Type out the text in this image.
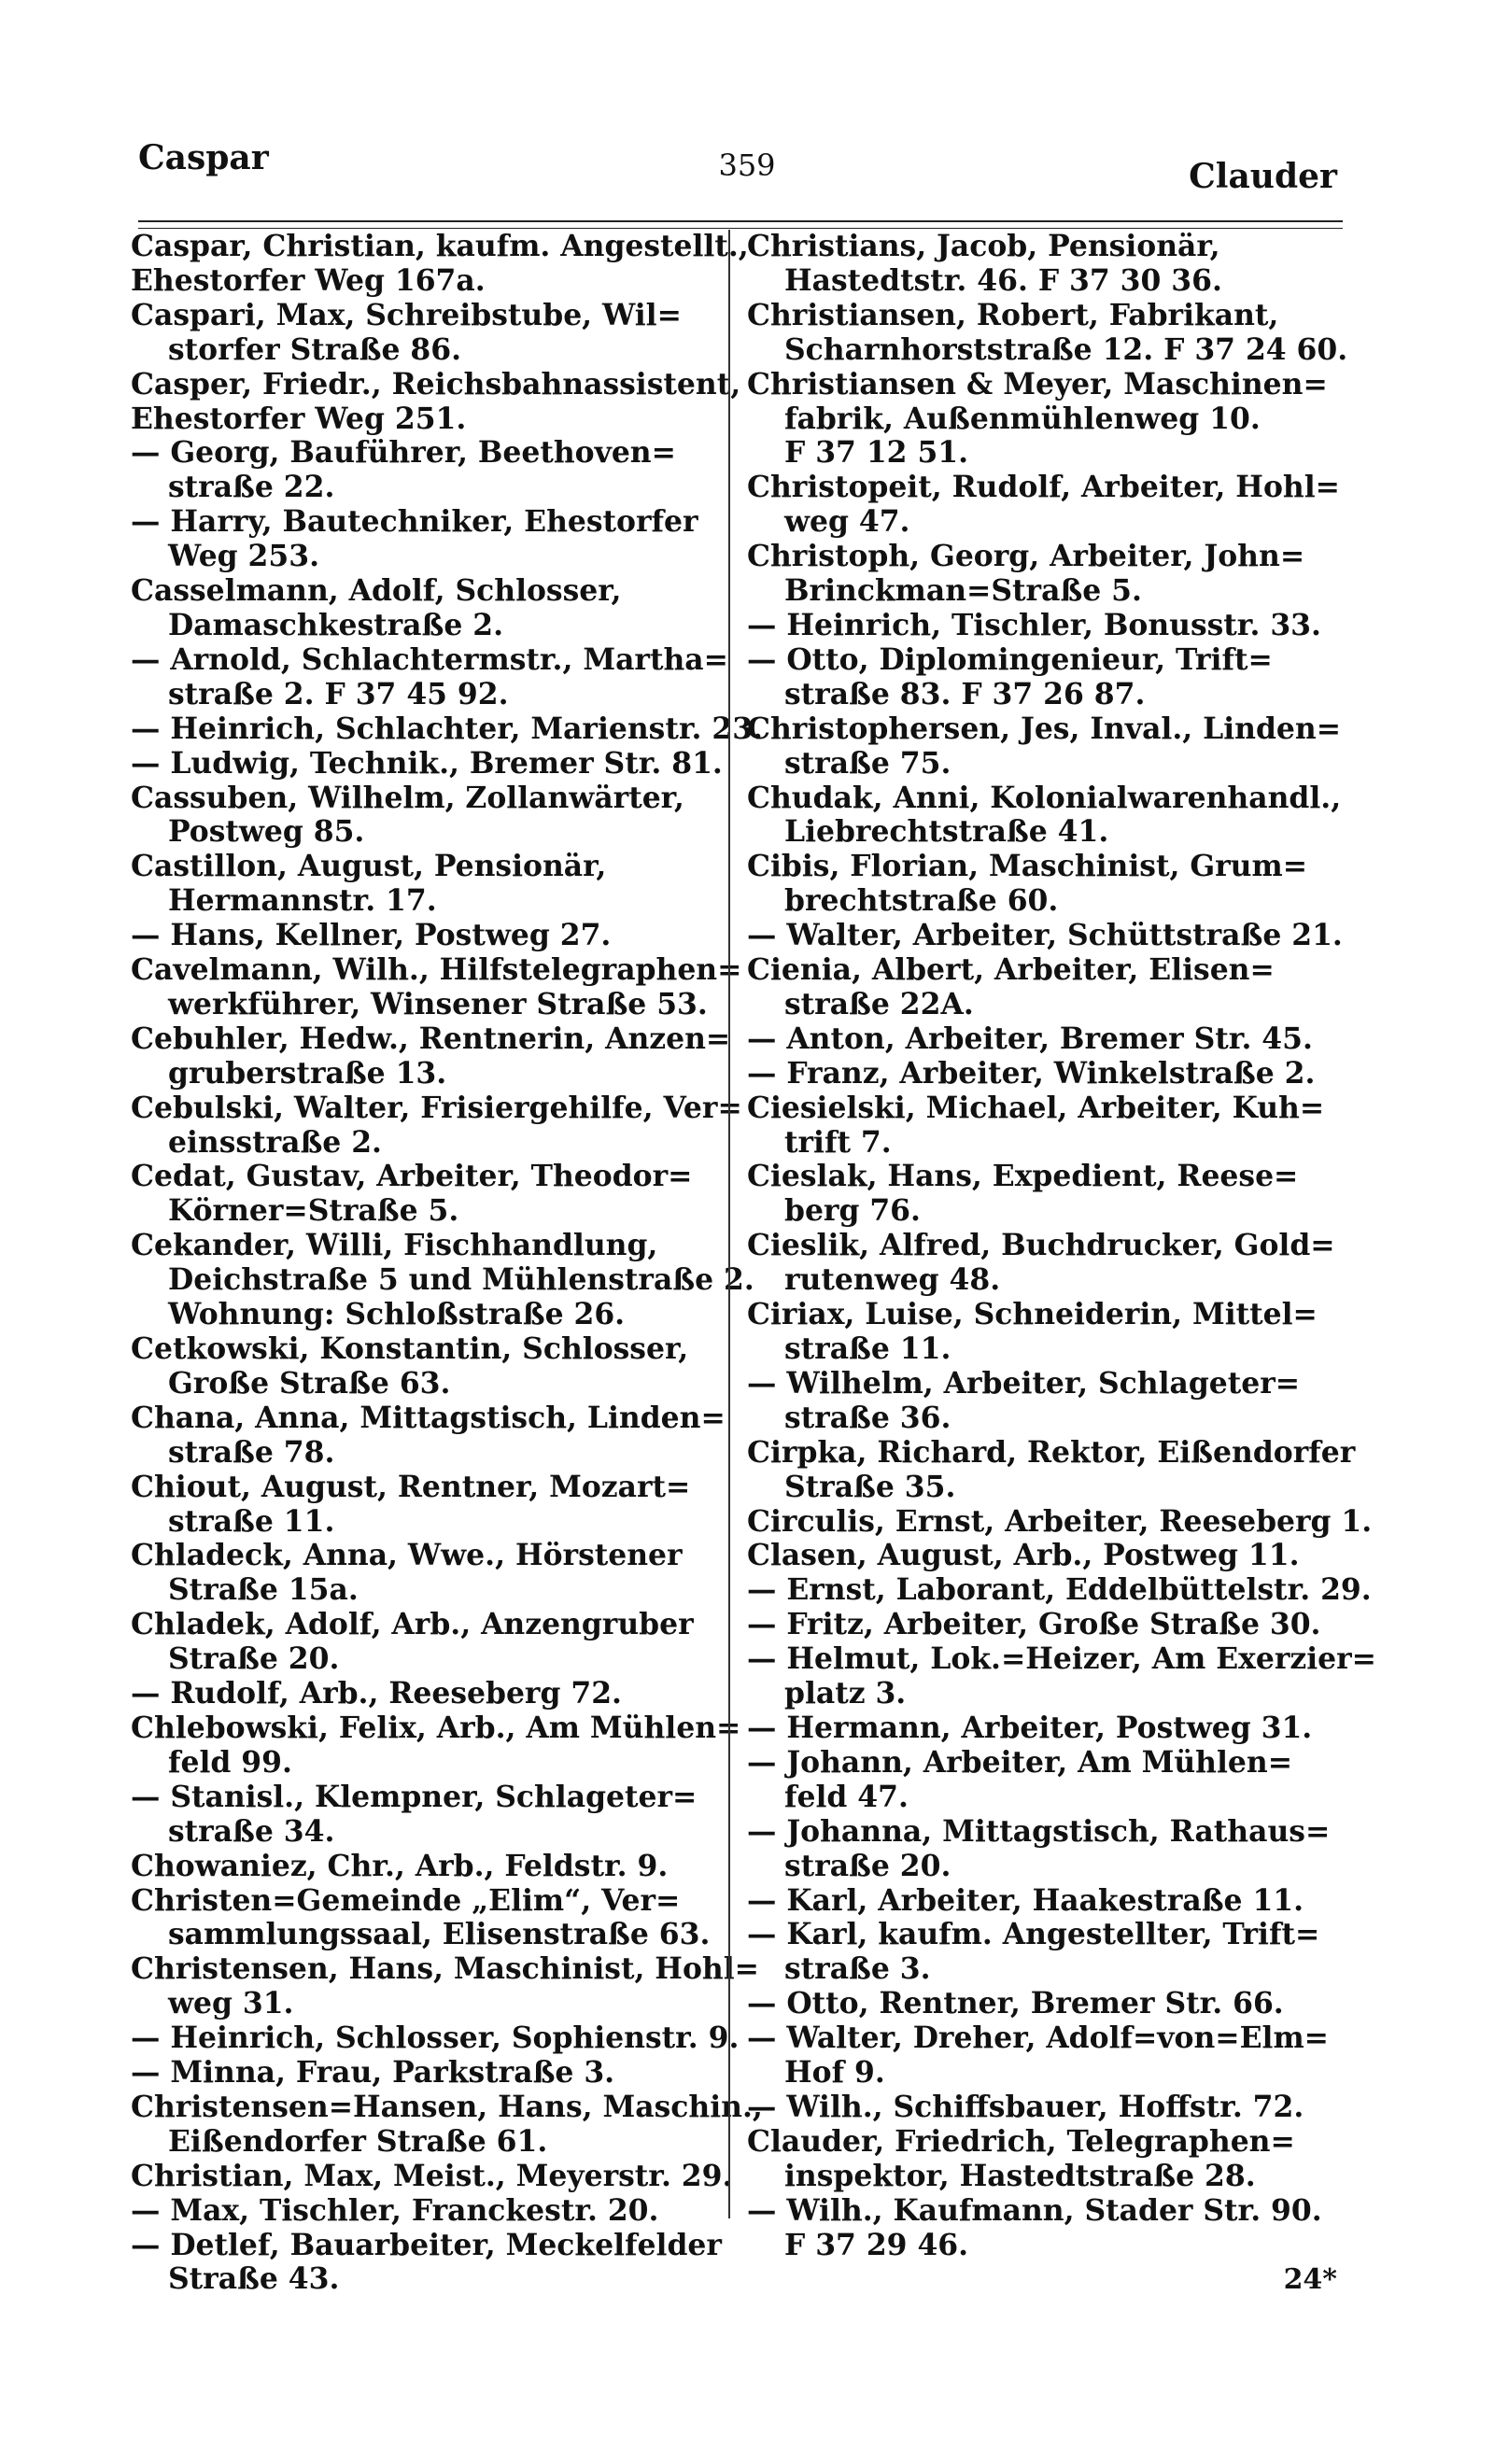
Caspar	359	Clauder
Caspar, Christian, kaufm. Angestellt.,
Ehestorfer Weg 167a.
Caspari, Max, Schreibstube, Wil=
storfer Straße 86.
Casper, Friedr., Reichsbahnassistent,
Ehestorfer Weg 251.
— Georg, Bauführer, Beethoven=
straße 22.
— Harry, Bautechniker, Ehestorfer
Weg 253.
Casselmann, Adolf, Schlosser,
Damaschkestraße 2.
— Arnold, Schlachtermstr., Martha=
straße 2. F 37 45 92.
— Heinrich, Schlachter, Marienstr. 23.
— Ludwig, Technik., Bremer Str. 81.
Cassuben, Wilhelm, Zollanwärter,
Postweg 85.
Castillon, August, Pensionär,
Hermannstr. 17.
— Hans, Kellner, Postweg 27.
Cavelmann, Wilh., Hilfstelegraphen=
werkführer, Winsener Straße 53.
Cebuhler, Hedw., Rentnerin, Anzen=
gruberstraße 13.
Cebulski, Walter, Frisiergehilfe, Ver=
einsstraße 2.
Cedat, Gustav, Arbeiter, Theodor=
Körner=Straße 5.
Cekander, Willi, Fischhandlung,
Deichstraße 5 und Mühlenstraße 2.
Wohnung: Schloßstraße 26.
Cetkowski, Konstantin, Schlosser,
Große Straße 63.
Chana, Anna, Mittagstisch, Linden=
straße 78.
Chiout, August, Rentner, Mozart=
straße 11.
Chladeck, Anna, Wwe., Hörstener
Straße 15a.
Chladek, Adolf, Arb., Anzengruber
Straße 20.
— Rudolf, Arb., Reeseberg 72.
Chlebowski, Felix, Arb., Am Mühlen=
feld 99.
— Stanisl., Klempner, Schlageter=
straße 34.
Chowaniez, Chr., Arb., Feldstr. 9.
Christen=Gemeinde „Elim“, Ver=
sammlungssaal, Elisenstraße 63.
Christensen, Hans, Maschinist, Hohl=
weg 31.
— Heinrich, Schlosser, Sophienstr. 9.
— Minna, Frau, Parkstraße 3.
Christensen=Hansen, Hans, Maschin.,
Eißendorfer Straße 61.
Christian, Max, Meist., Meyerstr. 29.
— Max, Tischler, Franckestr. 20.
— Detlef, Bauarbeiter, Meckelfelder
Straße 43.
Christians, Jacob, Pensionär,
Hastedtstr. 46. F 37 30 36.
Christiansen, Robert, Fabrikant,
Scharnhorststraße 12. F 37 24 60.
Christiansen & Meyer, Maschinen=
fabrik, Außenmühlenweg 10.
F 37 12 51.
Christopeit, Rudolf, Arbeiter, Hohl=
weg 47.
Christoph, Georg, Arbeiter, John=
Brinckman=Straße 5.
— Heinrich, Tischler, Bonusstr. 33.
— Otto, Diplomingenieur, Trift=
straße 83. F 37 26 87.
Christophersen, Jes, Inval., Linden=
straße 75.
Chudak, Anni, Kolonialwarenhandl.,
Liebrechtstraße 41.
Cibis, Florian, Maschinist, Grum=
brechtstraße 60.
— Walter, Arbeiter, Schüttstraße 21.
Cienia, Albert, Arbeiter, Elisen=
straße 22A.
— Anton, Arbeiter, Bremer Str. 45.
— Franz, Arbeiter, Winkelstraße 2.
Ciesielski, Michael, Arbeiter, Kuh=
trift 7.
Cieslak, Hans, Expedient, Reese=
berg 76.
Cieslik, Alfred, Buchdrucker, Gold=
rutenweg 48.
Ciriax, Luise, Schneiderin, Mittel=
straße 11.
— Wilhelm, Arbeiter, Schlageter=
straße 36.
Cirpka, Richard, Rektor, Eißendorfer
Straße 35.
Circulis, Ernst, Arbeiter, Reeseberg 1.
Clasen, August, Arb., Postweg 11.
— Ernst, Laborant, Eddelbüttelstr. 29.
— Fritz, Arbeiter, Große Straße 30.
— Helmut, Lok.=Heizer, Am Exerzier=
platz 3.
— Hermann, Arbeiter, Postweg 31.
— Johann, Arbeiter, Am Mühlen=
feld 47.
— Johanna, Mittagstisch, Rathaus=
straße 20.
— Karl, Arbeiter, Haakestraße 11.
— Karl, kaufm. Angestellter, Trift=
straße 3.
— Otto, Rentner, Bremer Str. 66.
— Walter, Dreher, Adolf=von=Elm=
Hof 9.
— Wilh., Schiffsbauer, Hoffstr. 72.
Clauder, Friedrich, Telegraphen=
inspektor, Hastedtstraße 28.
— Wilh., Kaufmann, Stader Str. 90.
F 37 29 46.
24*
